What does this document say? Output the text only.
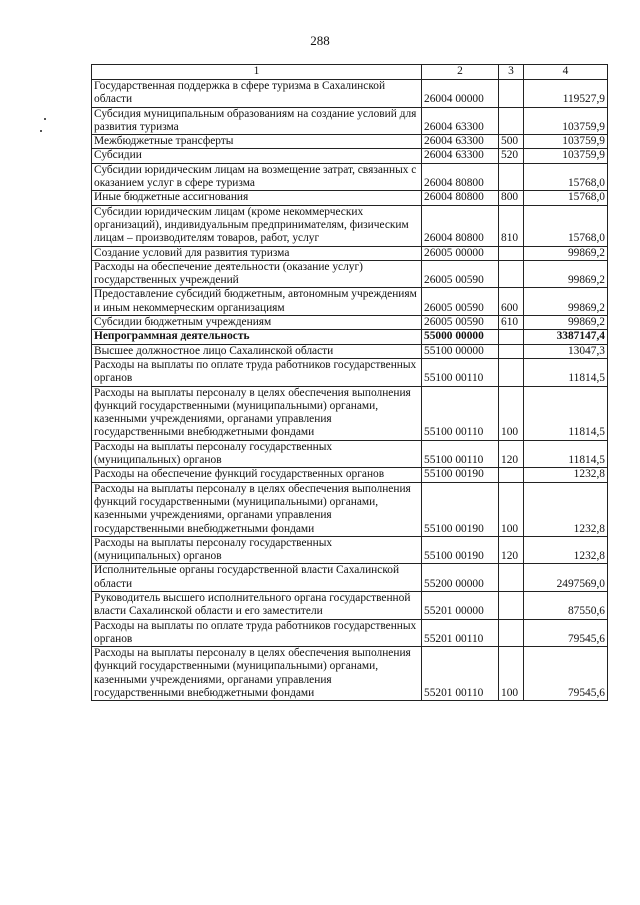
288
1	2	3	4
Государственная поддержка в сфере туризма в Сахалинской области	26004 00000		119527,9
Субсидия муниципальным образованиям на создание условий для развития туризма	26004 63300		103759,9
Межбюджетные трансферты	26004 63300	500	103759,9
Субсидии	26004 63300	520	103759,9
Субсидии юридическим лицам на возмещение затрат, связанных с оказанием услуг в сфере туризма	26004 80800		15768,0
Иные бюджетные ассигнования	26004 80800	800	15768,0
Субсидии юридическим лицам (кроме некоммерческих организаций), индивидуальным предпринимателям, физическим лицам – производителям товаров, работ, услуг	26004 80800	810	15768,0
Создание условий для развития туризма	26005 00000		99869,2
Расходы на обеспечение деятельности (оказание услуг) государственных учреждений	26005 00590		99869,2
Предоставление субсидий бюджетным, автономным учреждениям и иным некоммерческим организациям	26005 00590	600	99869,2
Субсидии бюджетным учреждениям	26005 00590	610	99869,2
Непрограммная деятельность	55000 00000		3387147,4
Высшее должностное лицо Сахалинской области	55100 00000		13047,3
Расходы на выплаты по оплате труда работников государственных органов	55100 00110		11814,5
Расходы на выплаты персоналу в целях обеспечения выполнения функций государственными (муниципальными) органами, казенными учреждениями, органами управления государственными внебюджетными фондами	55100 00110	100	11814,5
Расходы на выплаты персоналу государственных (муниципальных) органов	55100 00110	120	11814,5
Расходы на обеспечение функций государственных органов	55100 00190		1232,8
Расходы на выплаты персоналу в целях обеспечения выполнения функций государственными (муниципальными) органами, казенными учреждениями, органами управления государственными внебюджетными фондами	55100 00190	100	1232,8
Расходы на выплаты персоналу государственных (муниципальных) органов	55100 00190	120	1232,8
Исполнительные органы государственной власти Сахалинской области	55200 00000		2497569,0
Руководитель высшего исполнительного органа государственной власти Сахалинской области и его заместители	55201 00000		87550,6
Расходы на выплаты по оплате труда работников государственных органов	55201 00110		79545,6
Расходы на выплаты персоналу в целях обеспечения выполнения функций государственными (муниципальными) органами, казенными учреждениями, органами управления государственными внебюджетными фондами	55201 00110	100	79545,6
